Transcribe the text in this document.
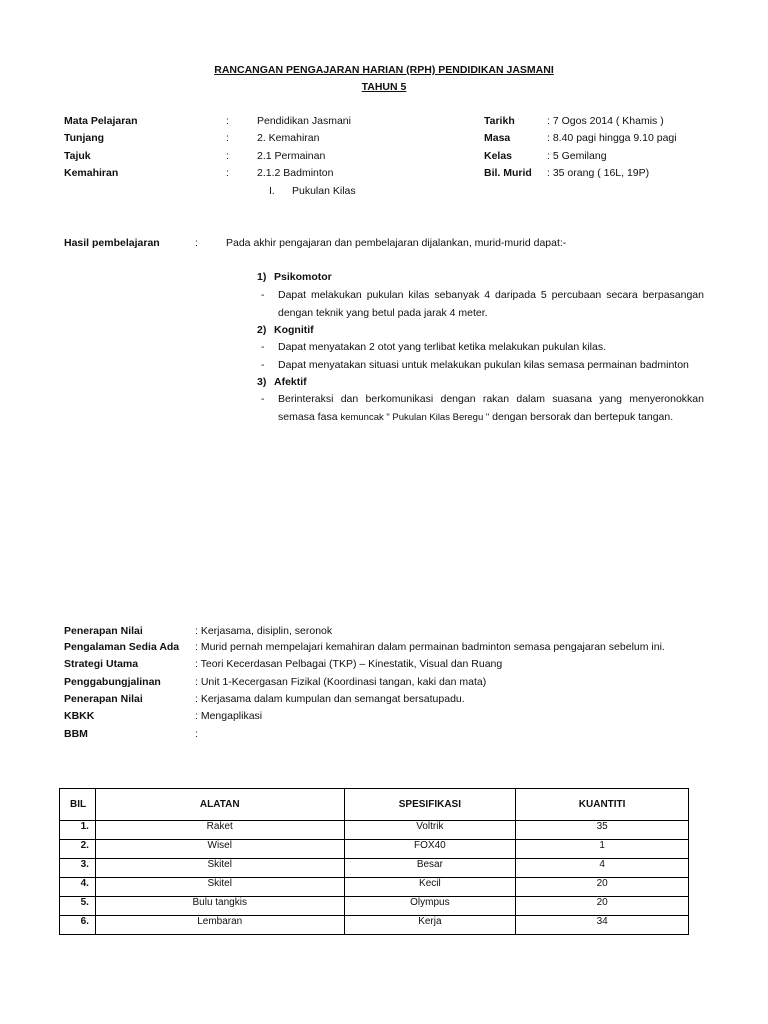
RANCANGAN PENGAJARAN HARIAN (RPH) PENDIDIKAN JASMANI
TAHUN 5
Mata Pelajaran	:	Pendidikan Jasmani
Tunjang	:	2. Kemahiran
Tajuk	:	2.1 Permainan
Kemahiran	:	2.1.2 Badminton
I. Pukulan Kilas
Tarikh	: 7 Ogos 2014 ( Khamis )
Masa	: 8.40 pagi hingga 9.10 pagi
Kelas	: 5 Gemilang
Bil. Murid : 35 orang ( 16L, 19P)
Hasil pembelajaran	:	Pada akhir pengajaran dan pembelajaran dijalankan, murid-murid dapat:-
1) Psikomotor
- Dapat melakukan pukulan kilas sebanyak 4 daripada 5 percubaan secara berpasangan dengan teknik yang betul pada jarak 4 meter.
2) Kognitif
- Dapat menyatakan 2 otot yang terlibat ketika melakukan pukulan kilas.
- Dapat menyatakan situasi untuk melakukan pukulan kilas semasa permainan badminton
3) Afektif
- Berinteraksi dan berkomunikasi dengan rakan dalam suasana yang menyeronokkan semasa fasa kemuncak " Pukulan Kilas Beregu " dengan bersorak dan bertepuk tangan.
Penerapan Nilai	: Kerjasama, disiplin, seronok
Pengalaman Sedia Ada : Murid pernah mempelajari kemahiran dalam permainan badminton semasa pengajaran sebelum ini.
Strategi Utama	: Teori Kecerdasan Pelbagai (TKP) – Kinestatik, Visual dan Ruang
Penggabungjalinan	: Unit 1-Kecergasan Fizikal (Koordinasi tangan, kaki dan mata)
Penerapan Nilai	: Kerjasama dalam kumpulan dan semangat bersatupadu.
KBKK	: Mengaplikasi
BBM	:
BIL	ALATAN	SPESIFIKASI	KUANTITI
1.	Raket	Voltrik	35
2.	Wisel	FOX40	1
3.	Skitel	Besar	4
4.	Skitel	Kecil	20
5.	Bulu tangkis	Olympus	20
6.	Lembaran	Kerja	34
